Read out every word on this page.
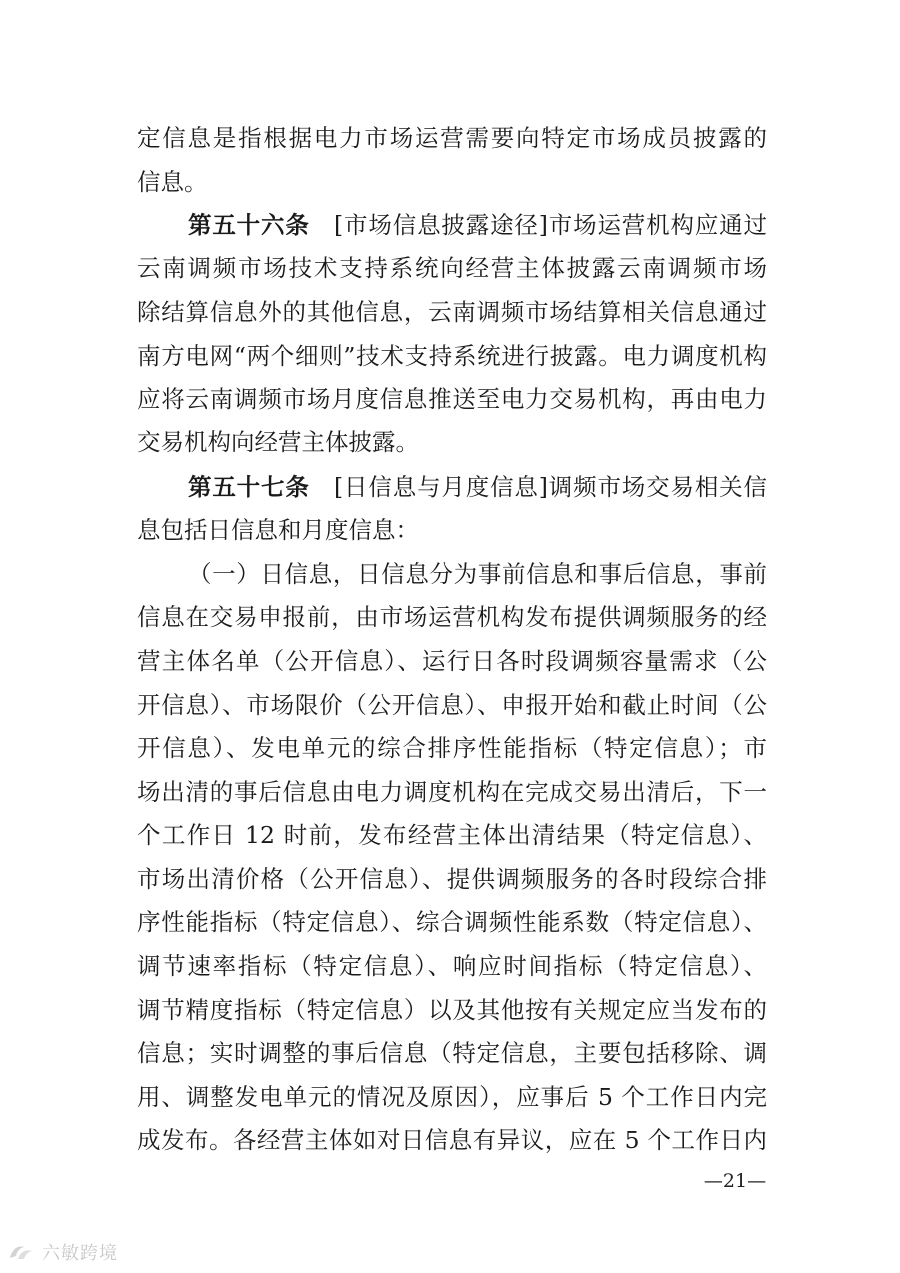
定信息是指根据电力市场运营需要向特定市场成员披露的
信息。
第五十六条　[市场信息披露途径]市场运营机构应通过
云南调频市场技术支持系统向经营主体披露云南调频市场
除结算信息外的其他信息，云南调频市场结算相关信息通过
南方电网“两个细则”技术支持系统进行披露。电力调度机构
应将云南调频市场月度信息推送至电力交易机构，再由电力
交易机构向经营主体披露。
第五十七条　[日信息与月度信息]调频市场交易相关信
息包括日信息和月度信息：
（一）日信息，日信息分为事前信息和事后信息，事前
信息在交易申报前，由市场运营机构发布提供调频服务的经
营主体名单（公开信息）、运行日各时段调频容量需求（公
开信息）、市场限价（公开信息）、申报开始和截止时间（公
开信息）、发电单元的综合排序性能指标（特定信息）；市
场出清的事后信息由电力调度机构在完成交易出清后，下一
个工作日 12 时前，发布经营主体出清结果（特定信息）、
市场出清价格（公开信息）、提供调频服务的各时段综合排
序性能指标（特定信息）、综合调频性能系数（特定信息）、
调节速率指标（特定信息）、响应时间指标（特定信息）、
调节精度指标（特定信息）以及其他按有关规定应当发布的
信息；实时调整的事后信息（特定信息，主要包括移除、调
用、调整发电单元的情况及原因），应事后 5 个工作日内完
成发布。各经营主体如对日信息有异议，应在 5 个工作日内
—21—
六敏跨境
